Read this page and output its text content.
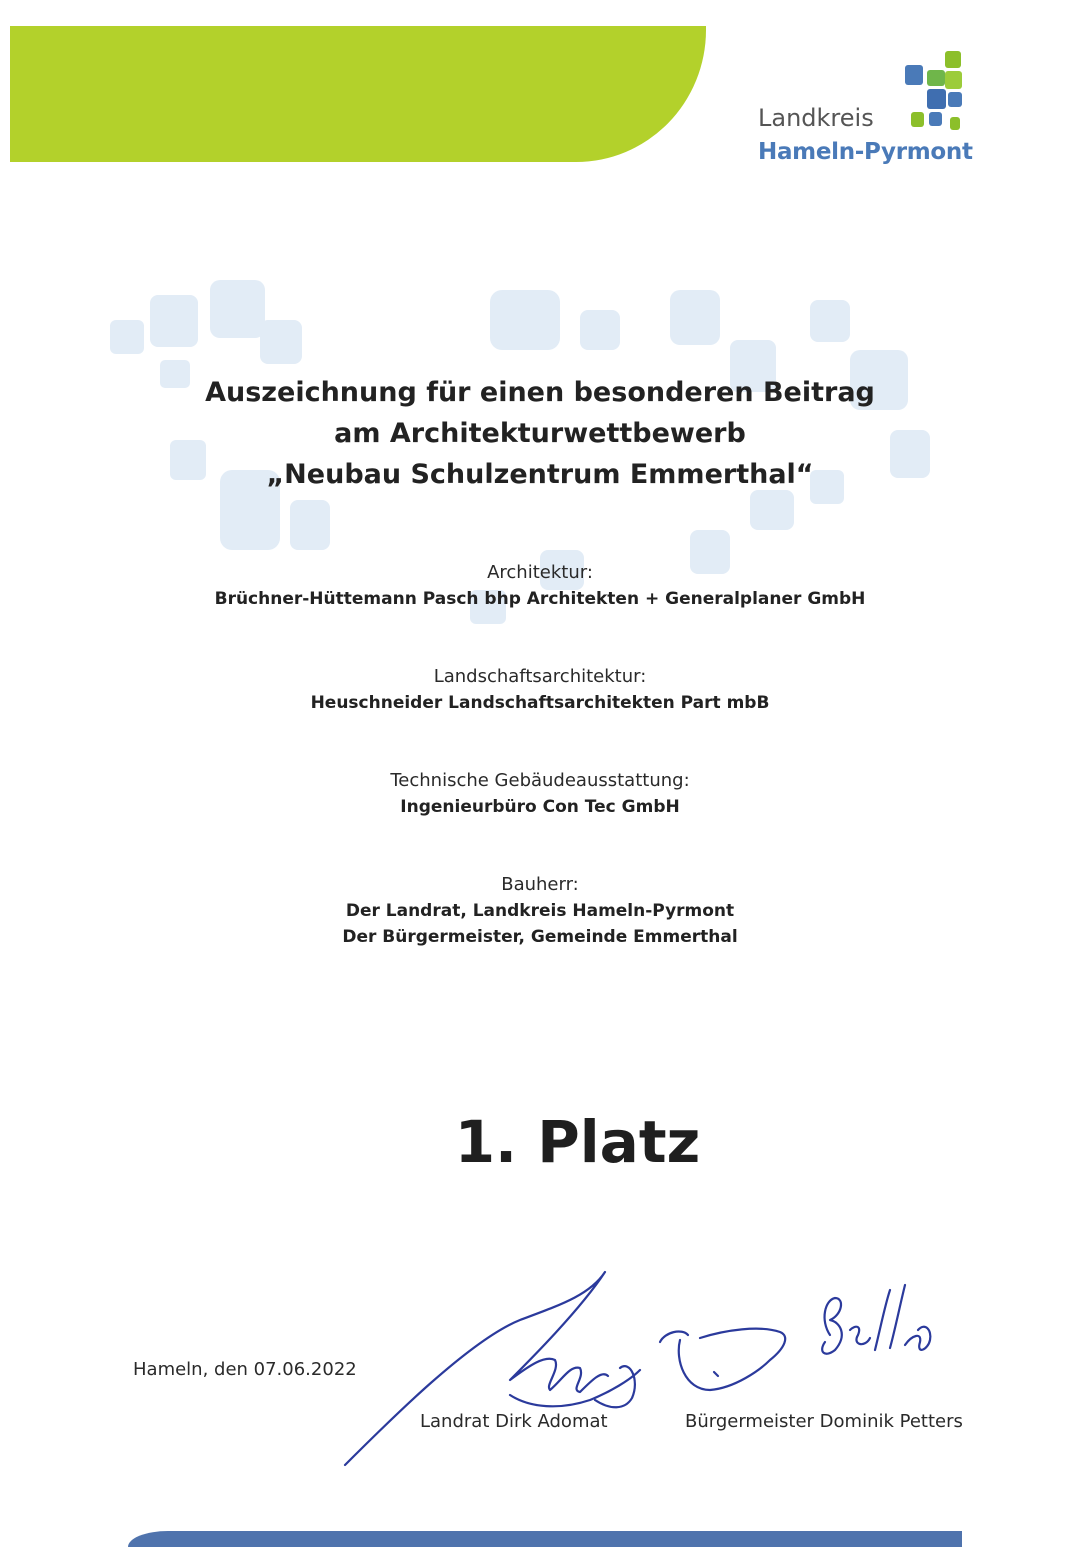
Landkreis
Hameln-Pyrmont
Auszeichnung für einen besonderen Beitrag
am Architekturwettbewerb
„Neubau Schulzentrum Emmerthal“
Architektur:
Brüchner-Hüttemann Pasch bhp Architekten + Generalplaner GmbH
Landschaftsarchitektur:
Heuschneider Landschaftsarchitekten Part mbB
Technische Gebäudeausstattung:
Ingenieurbüro Con Tec GmbH
Bauherr:
Der Landrat, Landkreis Hameln-Pyrmont
Der Bürgermeister, Gemeinde Emmerthal
1. Platz
Hameln, den 07.06.2022
Landrat Dirk Adomat	Bürgermeister Dominik Petters
